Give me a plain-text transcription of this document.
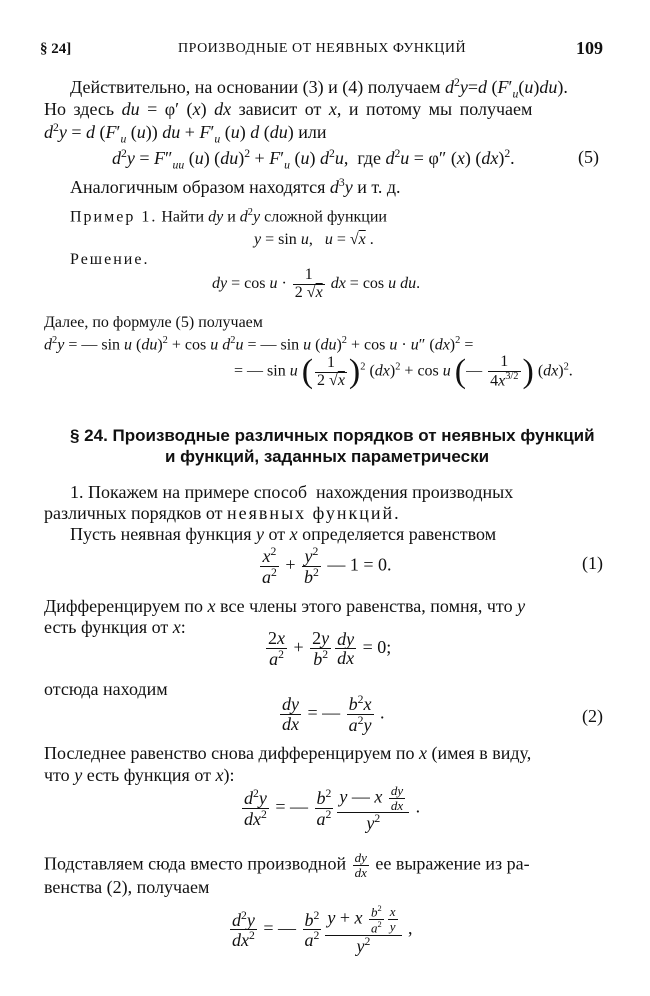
§ 24]	ПРОИЗВОДНЫЕ ОТ НЕЯВНЫХ ФУНКЦИЙ	109
Действительно, на основании (3) и (4) получаем $d^2y=d$ $(F'_u(u)du)$.
Но здесь du = φ′ (x) dx зависит от x, и потому мы получаем
$d^2y = d$ ($F'_u$ (u)) du + $F'_u$ (u) d (du) или
$d^2y = F''_{uu}$ (u) $(du)^2 + F'_u$ (u) $d^2u$,  где $d^2u = \varphi''$ (x) (dx)$^2$.	(5)
Аналогичным образом находятся $d^3y$ и т. д.
Пример 1. Найти dy и $d^2y$ сложной функции
y = sin u,   u = √x .
Решение.
dy = $\cos u \cdot \frac{1}{2 √x}$ dx = cos u du.
Далее, по формуле (5) получаем
$d^2y$ = — sin u (du)$^2$ + cos u $d^2u$ = — sin u (du)$^2$ + cos u · u″ (dx)$^2$ =
= — sin u ( $\frac{1}{2 √x} )^2$ (dx)$^2$ + cos u (— $\frac{1}{4x^{3/2}}$ ) (dx)$^2$.
§ 24. Производные различных порядков от неявных функций
и функций, заданных параметрически
1. Покажем на примере способ нахождения производных
различных порядков от неявных функций.
Пусть неявная функция y от x определяется равенством
$\frac{x^2}{a^2} + \frac{y^2}{b^2}$ — 1 = 0.	(1)
Дифференцируем по x все члены этого равенства, помня, что y
есть функция от x:
$\frac{2x}{a^2} + \frac{2y}{b^2} \frac{dy}{dx} = 0$;
отсюда находим
$\frac{dy}{dx}$ = — $\frac{b^2x}{a^2y}$ .	(2)
Последнее равенство снова дифференцируем по x (имея в виду,
что y есть функция от x):
$\frac{d^2y}{dx^2}$ = — $\frac{b^2}{a^2} \frac{y — x \frac{dy}{dx}}{y^2}$ .
Подставляем сюда вместо производной $\frac{dy}{dx}$ ее выражение из ра-
венства (2), получаем
$\frac{d^2y}{dx^2}$ = — $\frac{b^2}{a^2} \frac{y + x \frac{b^2}{a^2} \frac{x}{y}}{y^2}$ ,
